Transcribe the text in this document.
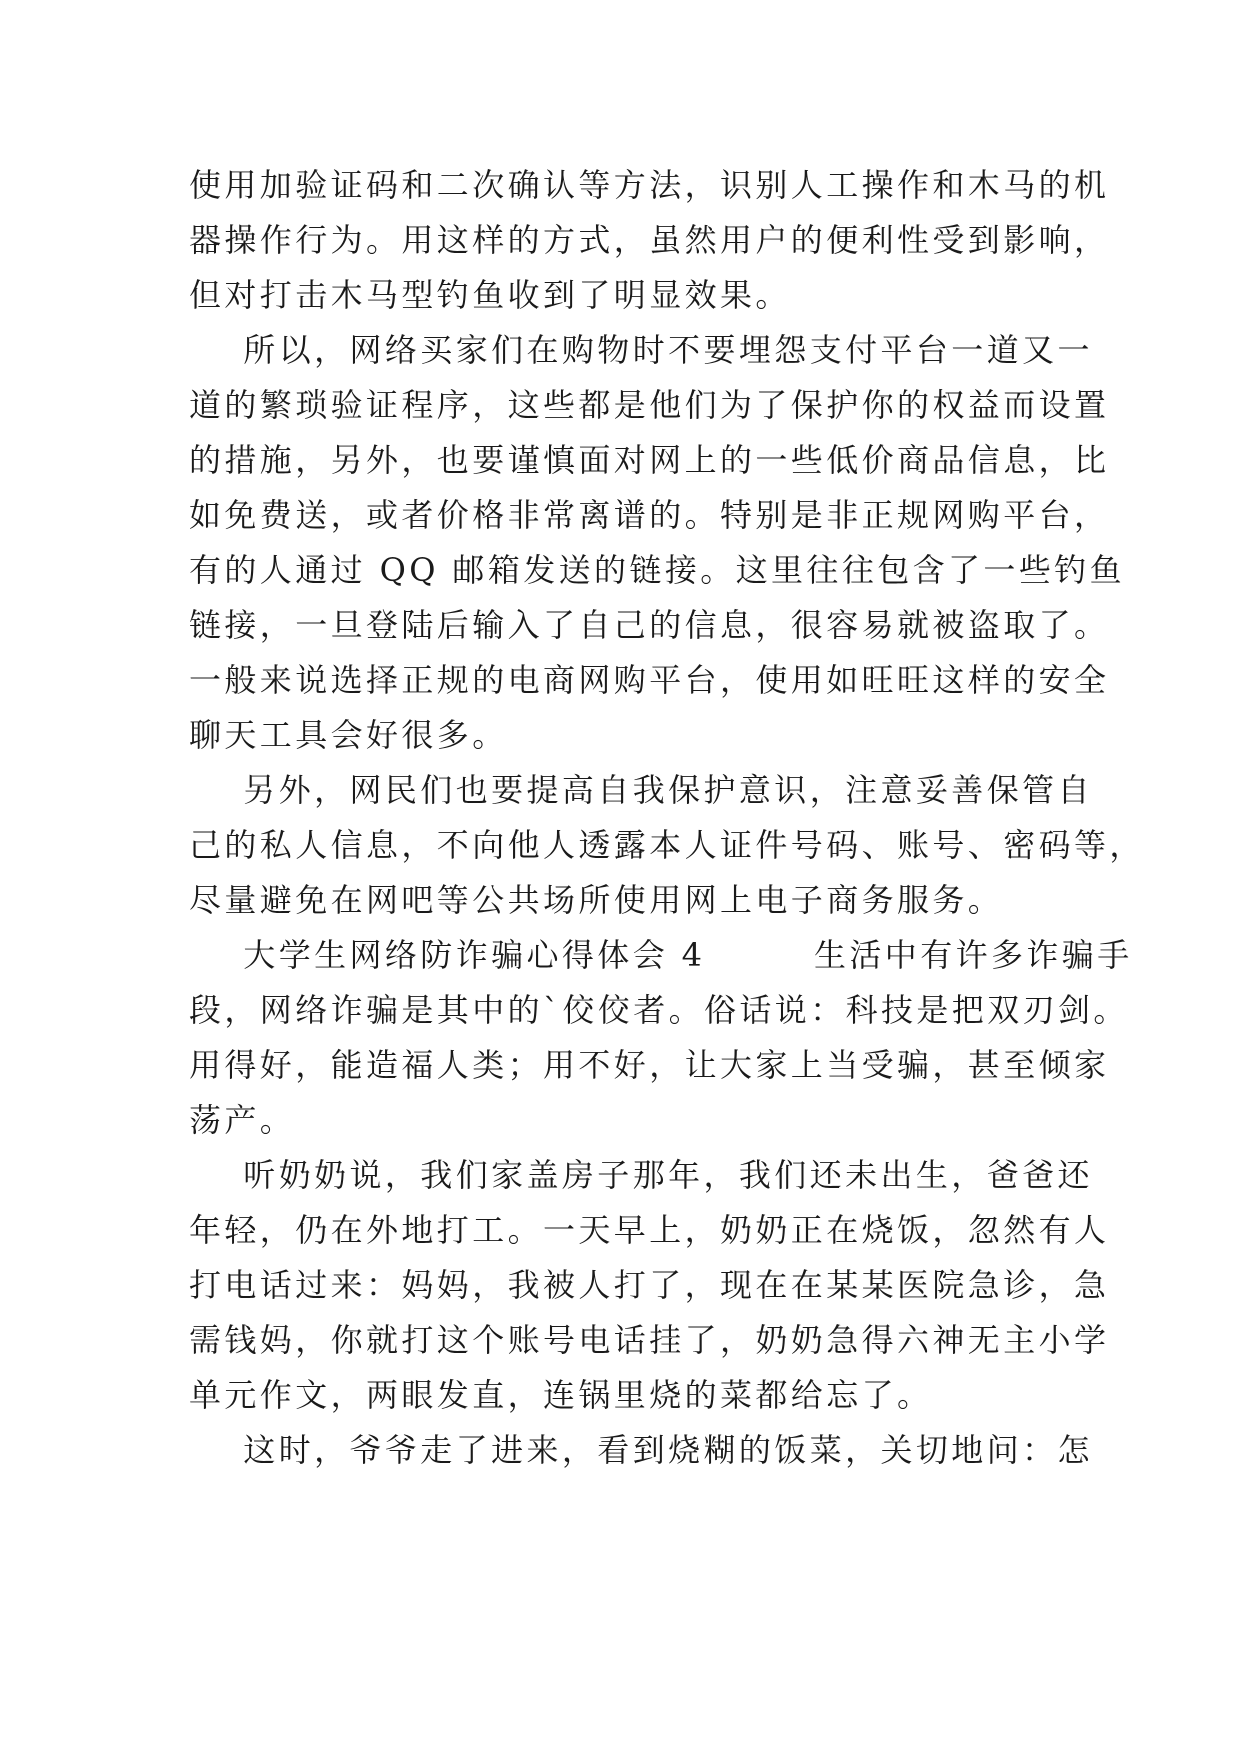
使用加验证码和二次确认等方法，识别人工操作和木马的机
器操作行为。用这样的方式，虽然用户的便利性受到影响，
但对打击木马型钓鱼收到了明显效果。
所以，网络买家们在购物时不要埋怨支付平台一道又一
道的繁琐验证程序，这些都是他们为了保护你的权益而设置
的措施，另外，也要谨慎面对网上的一些低价商品信息，比
如免费送，或者价格非常离谱的。特别是非正规网购平台，
有的人通过 QQ 邮箱发送的链接。这里往往包含了一些钓鱼
链接，一旦登陆后输入了自己的信息，很容易就被盗取了。
一般来说选择正规的电商网购平台，使用如旺旺这样的安全
聊天工具会好很多。
另外，网民们也要提高自我保护意识，注意妥善保管自
己的私人信息，不向他人透露本人证件号码、账号、密码等，
尽量避免在网吧等公共场所使用网上电子商务服务。
大学生网络防诈骗心得体会 4        生活中有许多诈骗手
段，网络诈骗是其中的`佼佼者。俗话说：科技是把双刃剑。
用得好，能造福人类；用不好，让大家上当受骗，甚至倾家
荡产。
听奶奶说，我们家盖房子那年，我们还未出生，爸爸还
年轻，仍在外地打工。一天早上，奶奶正在烧饭，忽然有人
打电话过来：妈妈，我被人打了，现在在某某医院急诊，急
需钱妈，你就打这个账号电话挂了，奶奶急得六神无主小学
单元作文，两眼发直，连锅里烧的菜都给忘了。
这时，爷爷走了进来，看到烧糊的饭菜，关切地问：怎
